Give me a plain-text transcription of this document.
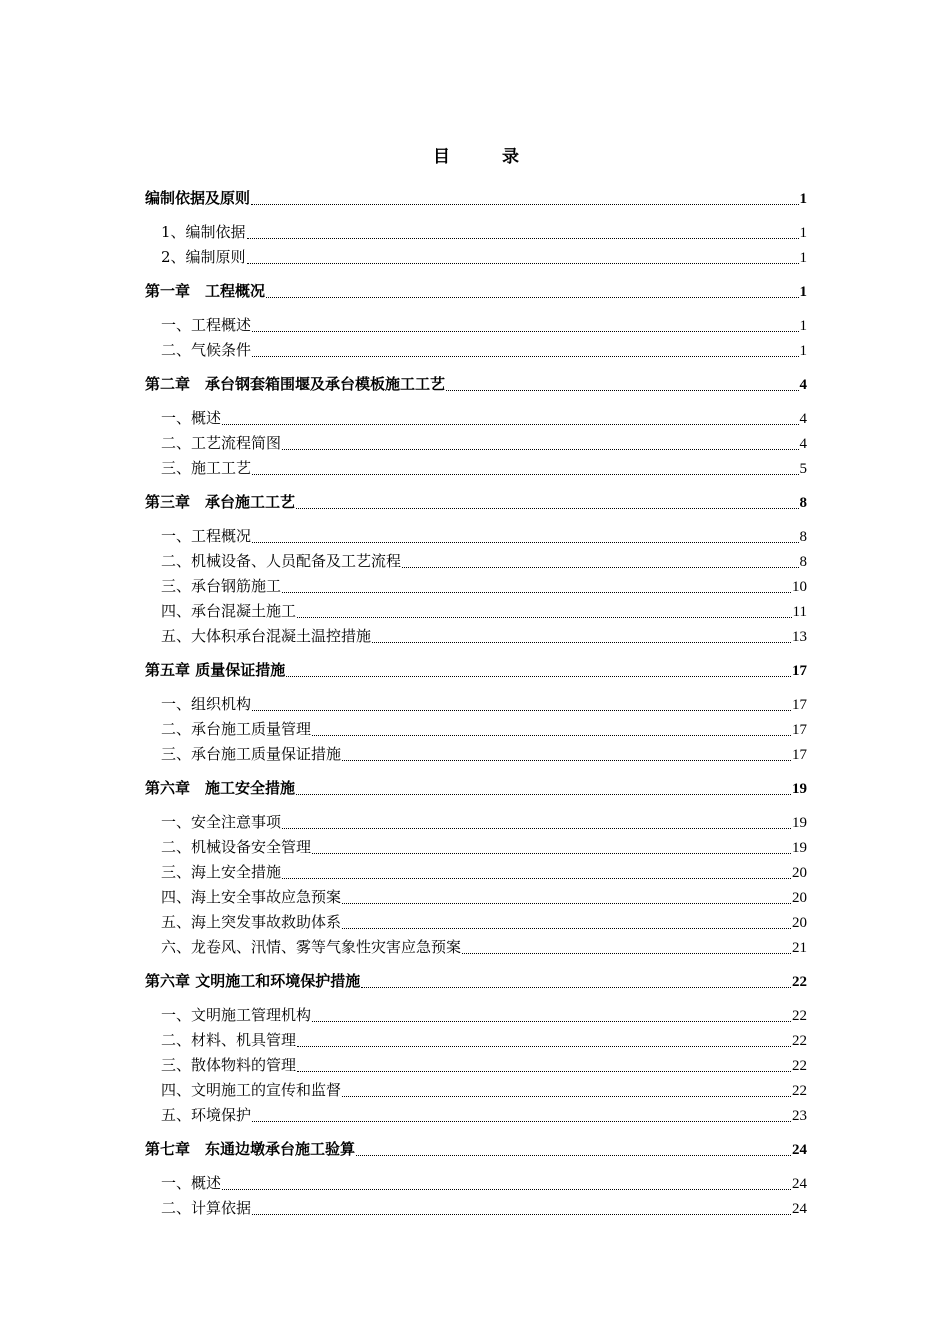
目	录
编制依据及原则	1
1、编制依据	1
2、编制原则	1
第一章　工程概况	1
一、工程概述	1
二、气候条件	1
第二章　承台钢套箱围堰及承台模板施工工艺	4
一、概述	4
二、工艺流程简图	4
三、施工工艺	5
第三章　承台施工工艺	8
一、工程概况	8
二、机械设备、人员配备及工艺流程	8
三、承台钢筋施工	10
四、承台混凝土施工	11
五、大体积承台混凝土温控措施	13
第五章 质量保证措施	17
一、组织机构	17
二、承台施工质量管理	17
三、承台施工质量保证措施	17
第六章　施工安全措施	19
一、安全注意事项	19
二、机械设备安全管理	19
三、海上安全措施	20
四、海上安全事故应急预案	20
五、海上突发事故救助体系	20
六、龙卷风、汛情、雾等气象性灾害应急预案	21
第六章 文明施工和环境保护措施	22
一、文明施工管理机构	22
二、材料、机具管理	22
三、散体物料的管理	22
四、文明施工的宣传和监督	22
五、环境保护	23
第七章　东通边墩承台施工验算	24
一、概述	24
二、计算依据	24
